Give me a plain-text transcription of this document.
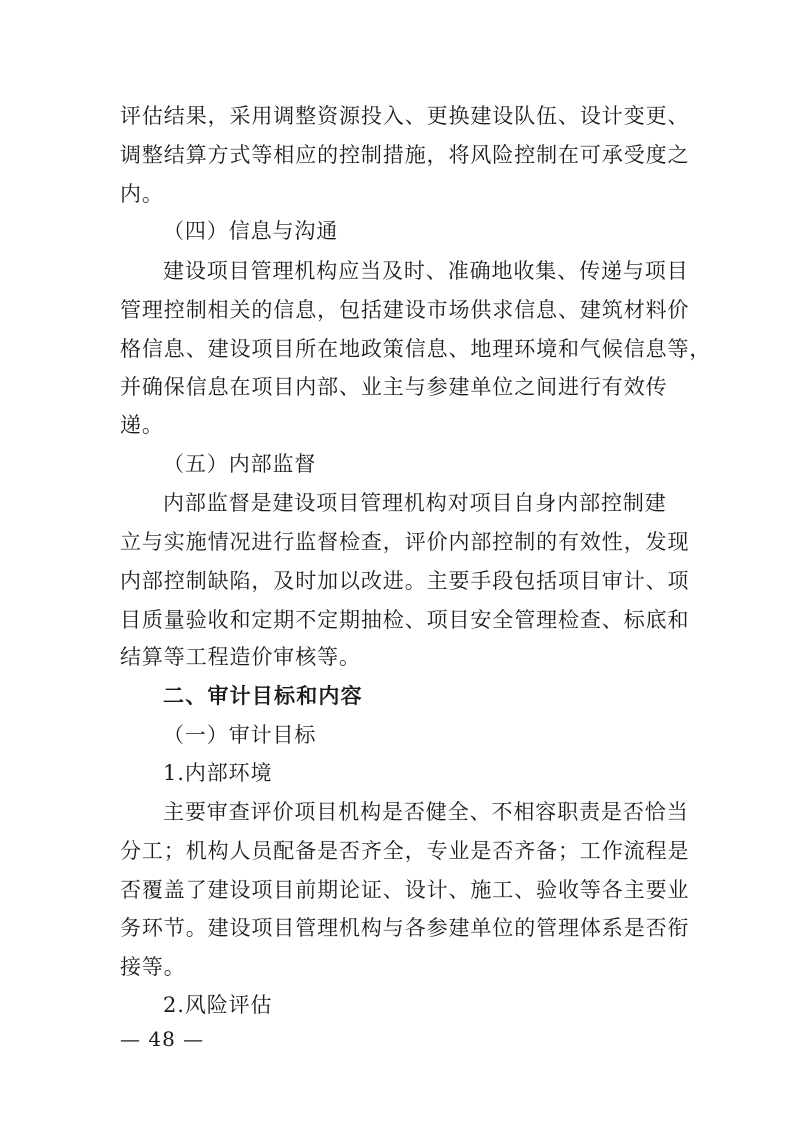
评估结果，采用调整资源投入、更换建设队伍、设计变更、
调整结算方式等相应的控制措施，将风险控制在可承受度之
内。
（四）信息与沟通
建设项目管理机构应当及时、准确地收集、传递与项目
管理控制相关的信息，包括建设市场供求信息、建筑材料价
格信息、建设项目所在地政策信息、地理环境和气候信息等，
并确保信息在项目内部、业主与参建单位之间进行有效传
递。
（五）内部监督
内部监督是建设项目管理机构对项目自身内部控制建
立与实施情况进行监督检查，评价内部控制的有效性，发现
内部控制缺陷，及时加以改进。主要手段包括项目审计、项
目质量验收和定期不定期抽检、项目安全管理检查、标底和
结算等工程造价审核等。
二、审计目标和内容
（一）审计目标
1.内部环境
主要审查评价项目机构是否健全、不相容职责是否恰当
分工；机构人员配备是否齐全，专业是否齐备；工作流程是
否覆盖了建设项目前期论证、设计、施工、验收等各主要业
务环节。建设项目管理机构与各参建单位的管理体系是否衔
接等。
2.风险评估
— 48 —
